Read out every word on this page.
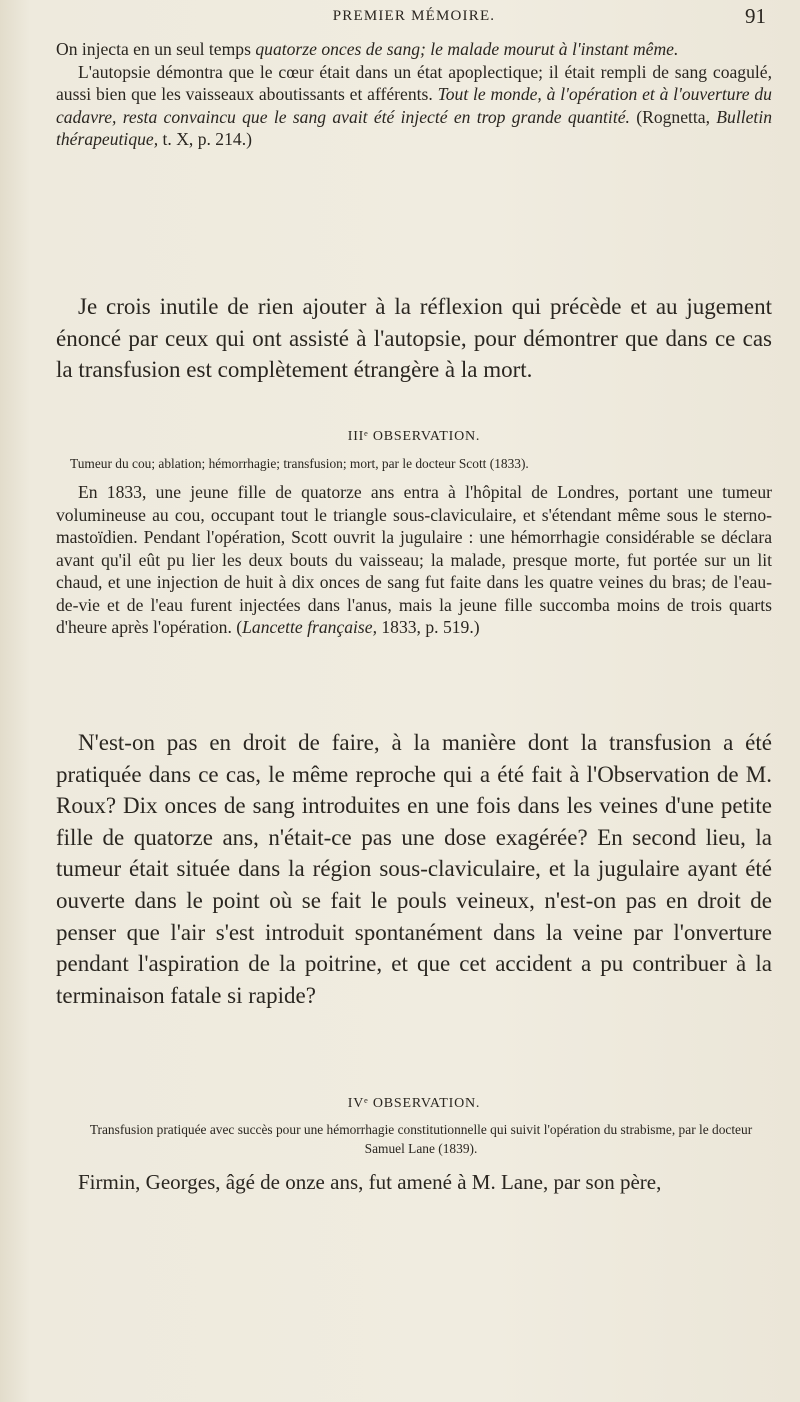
PREMIER MÉMOIRE.	91

On injecta en un seul temps quatorze onces de sang; le malade mourut à l'instant même.
L'autopsie démontra que le cœur était dans un état apoplectique; il était rempli de sang coagulé, aussi bien que les vaisseaux aboutissants et afférents. Tout le monde, à l'opération et à l'ouverture du cadavre, resta convaincu que le sang avait été injecté en trop grande quantité. (Rognetta, Bulletin thérapeutique, t. X, p. 214.)

Je crois inutile de rien ajouter à la réflexion qui précède et au jugement énoncé par ceux qui ont assisté à l'autopsie, pour démontrer que dans ce cas la transfusion est complètement étrangère à la mort.

IIIᵉ OBSERVATION.
Tumeur du cou; ablation; hémorrhagie; transfusion; mort, par le docteur Scott (1833).

En 1833, une jeune fille de quatorze ans entra à l'hôpital de Londres, portant une tumeur volumineuse au cou, occupant tout le triangle sous-claviculaire, et s'étendant même sous le sterno-mastoïdien. Pendant l'opération, Scott ouvrit la jugulaire : une hémorrhagie considérable se déclara avant qu'il eût pu lier les deux bouts du vaisseau; la malade, presque morte, fut portée sur un lit chaud, et une injection de huit à dix onces de sang fut faite dans les quatre veines du bras; de l'eau-de-vie et de l'eau furent injectées dans l'anus, mais la jeune fille succomba moins de trois quarts d'heure après l'opération. (Lancette française, 1833, p. 519.)

N'est-on pas en droit de faire, à la manière dont la transfusion a été pratiquée dans ce cas, le même reproche qui a été fait à l'Observation de M. Roux? Dix onces de sang introduites en une fois dans les veines d'une petite fille de quatorze ans, n'était-ce pas une dose exagérée? En second lieu, la tumeur était située dans la région sous-claviculaire, et la jugulaire ayant été ouverte dans le point où se fait le pouls veineux, n'est-on pas en droit de penser que l'air s'est introduit spontanément dans la veine par l'onverture pendant l'aspiration de la poitrine, et que cet accident a pu contribuer à la terminaison fatale si rapide?

IVᵉ OBSERVATION.
Transfusion pratiquée avec succès pour une hémorrhagie constitutionnelle qui suivit l'opération du strabisme, par le docteur Samuel Lane (1839).

Firmin, Georges, âgé de onze ans, fut amené à M. Lane, par son père,
